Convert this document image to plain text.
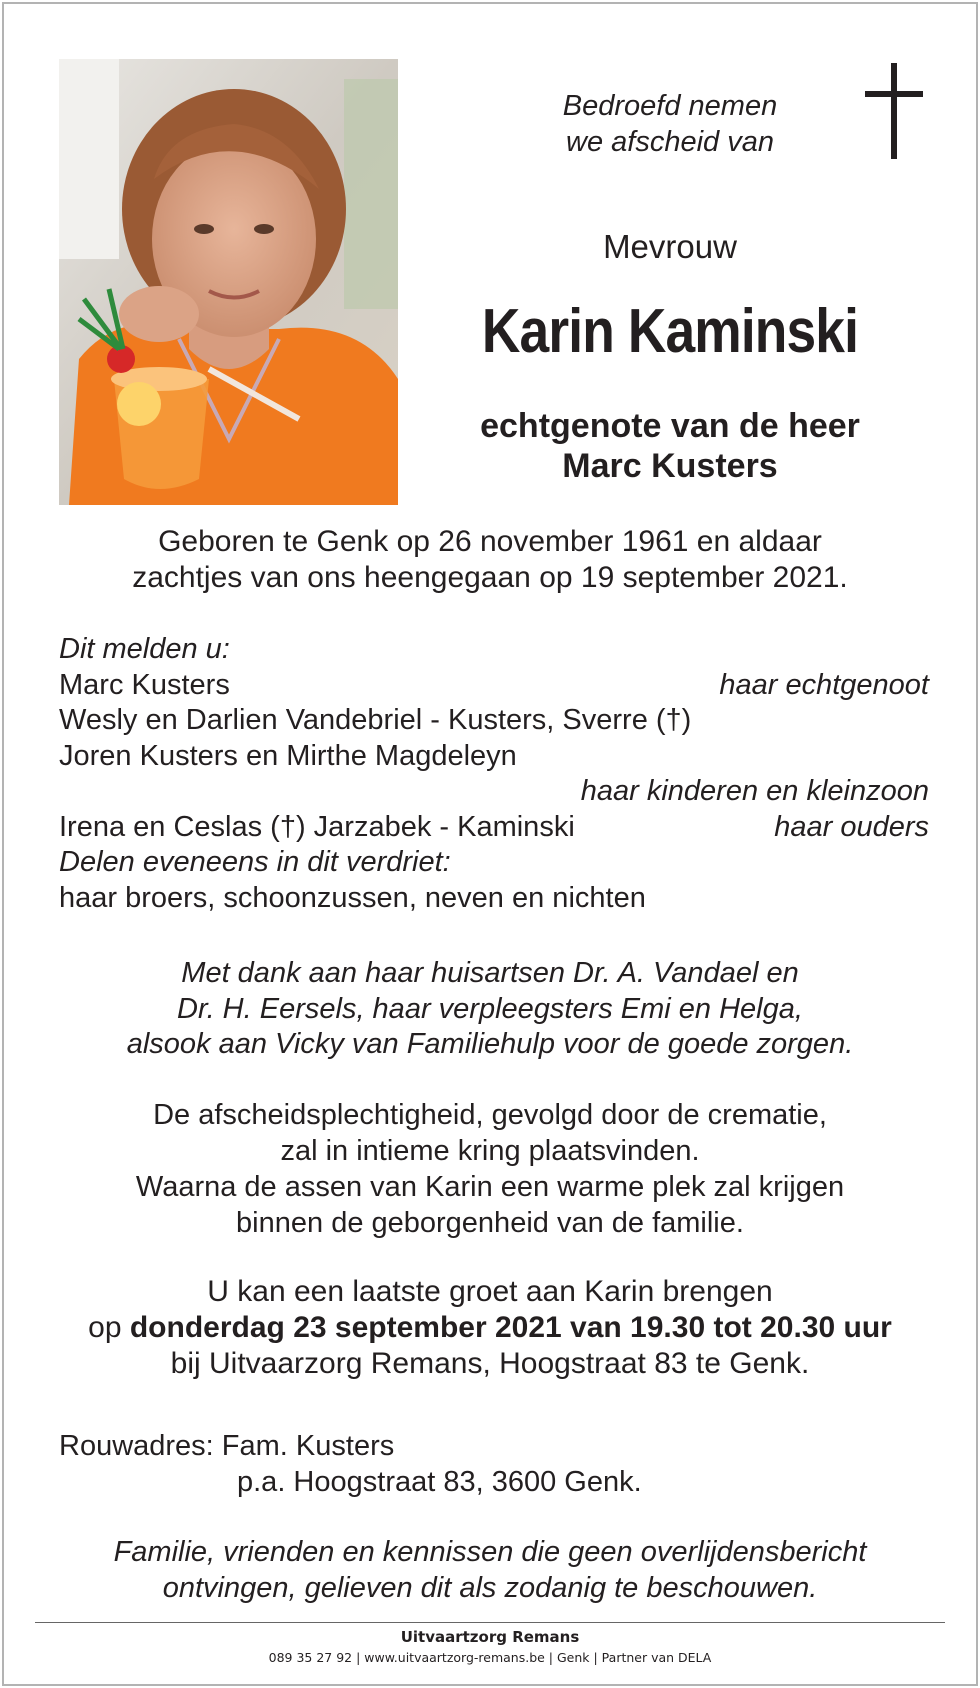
Bedroefd nemen
we afscheid van
Mevrouw
Karin Kaminski
echtgenote van de heer
Marc Kusters
Geboren te Genk op 26 november 1961 en aldaar
zachtjes van ons heengegaan op 19 september 2021.
Dit melden u:
Marc Kusters	haar echtgenoot
Wesly en Darlien Vandebriel - Kusters, Sverre (†)
Joren Kusters en Mirthe Magdeleyn
haar kinderen en kleinzoon
Irena en Ceslas (†) Jarzabek - Kaminski	haar ouders
Delen eveneens in dit verdriet:
haar broers, schoonzussen, neven en nichten
Met dank aan haar huisartsen Dr. A. Vandael en
Dr. H. Eersels, haar verpleegsters Emi en Helga,
alsook aan Vicky van Familiehulp voor de goede zorgen.
De afscheidsplechtigheid, gevolgd door de crematie,
zal in intieme kring plaatsvinden.
Waarna de assen van Karin een warme plek zal krijgen
binnen de geborgenheid van de familie.
U kan een laatste groet aan Karin brengen
op donderdag 23 september 2021 van 19.30 tot 20.30 uur
bij Uitvaarzorg Remans, Hoogstraat 83 te Genk.
Rouwadres: Fam. Kusters
p.a. Hoogstraat 83, 3600 Genk.
Familie, vrienden en kennissen die geen overlijdensbericht
ontvingen, gelieven dit als zodanig te beschouwen.
Uitvaartzorg Remans
089 35 27 92 | www.uitvaartzorg-remans.be | Genk | Partner van DELA
